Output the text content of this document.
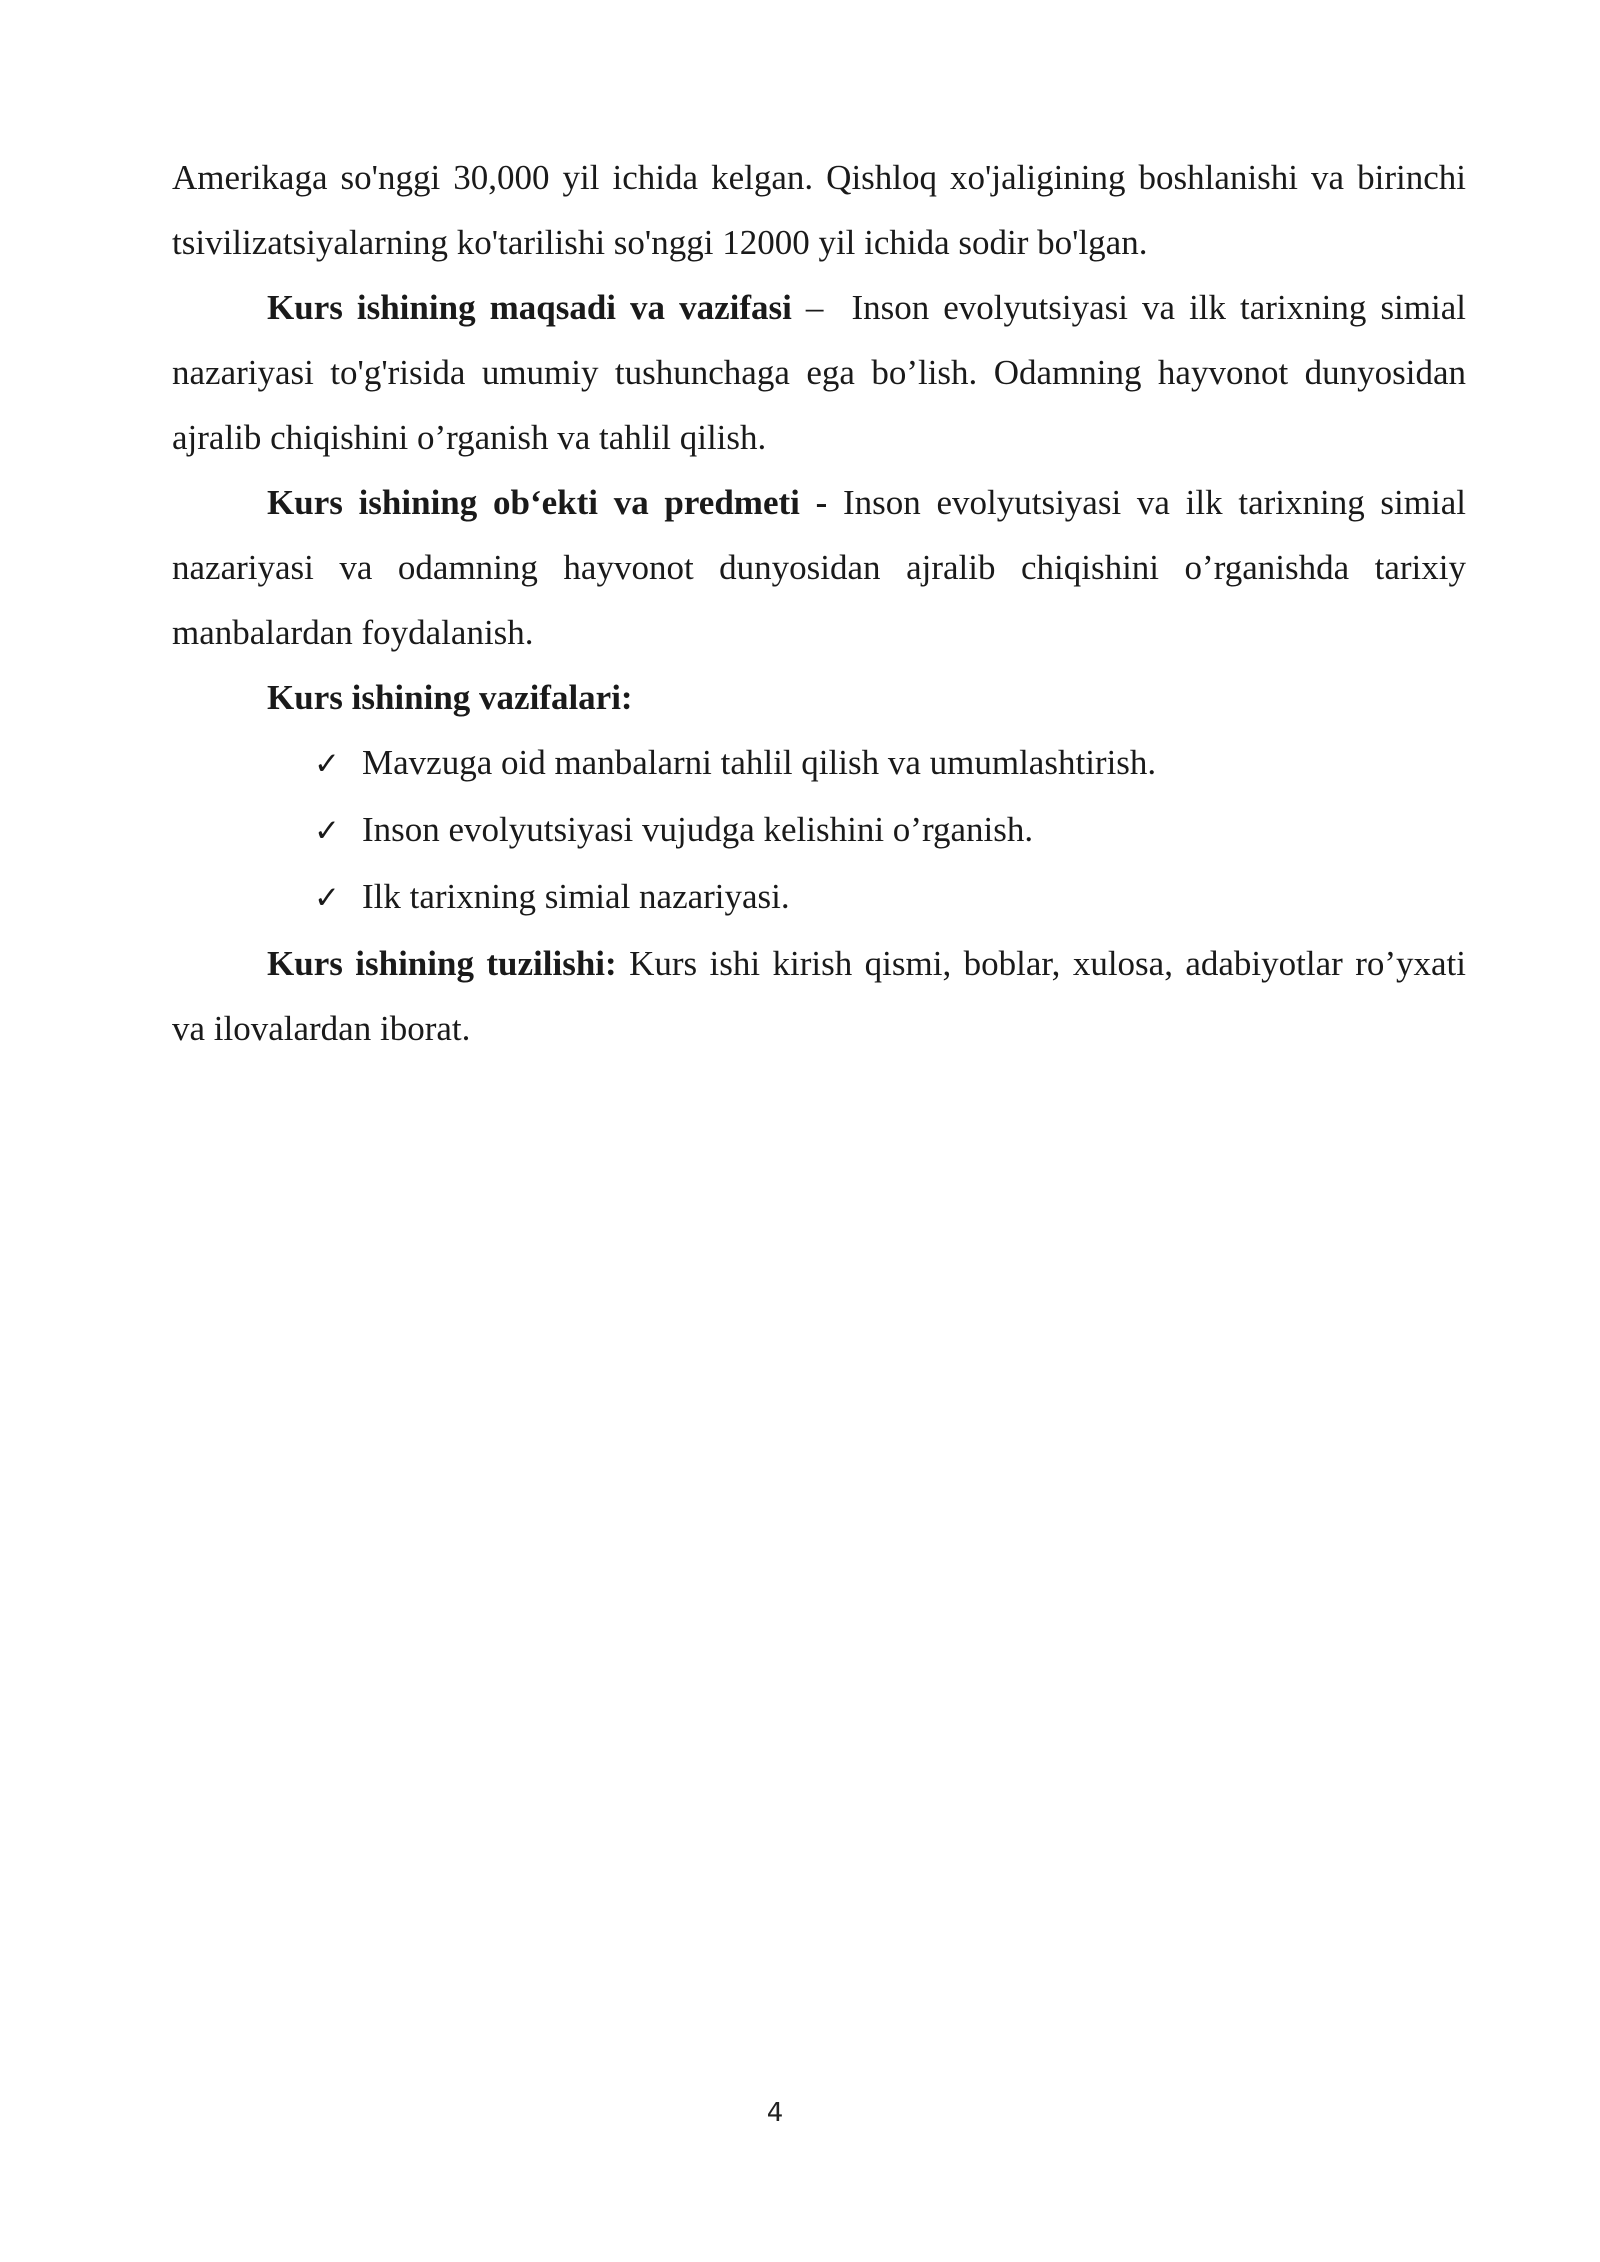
Amerikaga so'nggi 30,000 yil ichida kelgan. Qishloq xo'jaligining boshlanishi va birinchi tsivilizatsiyalarning ko'tarilishi so'nggi 12000 yil ichida sodir bo'lgan.

Kurs ishining maqsadi va vazifasi –  Inson evolyutsiyasi va ilk tarixning simial nazariyasi to'g'risida umumiy tushunchaga ega bo’lish. Odamning hayvonot dunyosidan ajralib chiqishini o’rganish va tahlil qilish.

Kurs ishining ob‘ekti va predmeti - Inson evolyutsiyasi va ilk tarixning simial nazariyasi va odamning hayvonot dunyosidan ajralib chiqishini o’rganishda tarixiy manbalardan foydalanish.

Kurs ishining vazifalari:

✓ Mavzuga oid manbalarni tahlil qilish va umumlashtirish.
✓ Inson evolyutsiyasi vujudga kelishini o’rganish.
✓ Ilk tarixning simial nazariyasi.

Kurs ishining tuzilishi: Kurs ishi kirish qismi, boblar, xulosa, adabiyotlar ro’yxati va ilovalardan iborat.

4
